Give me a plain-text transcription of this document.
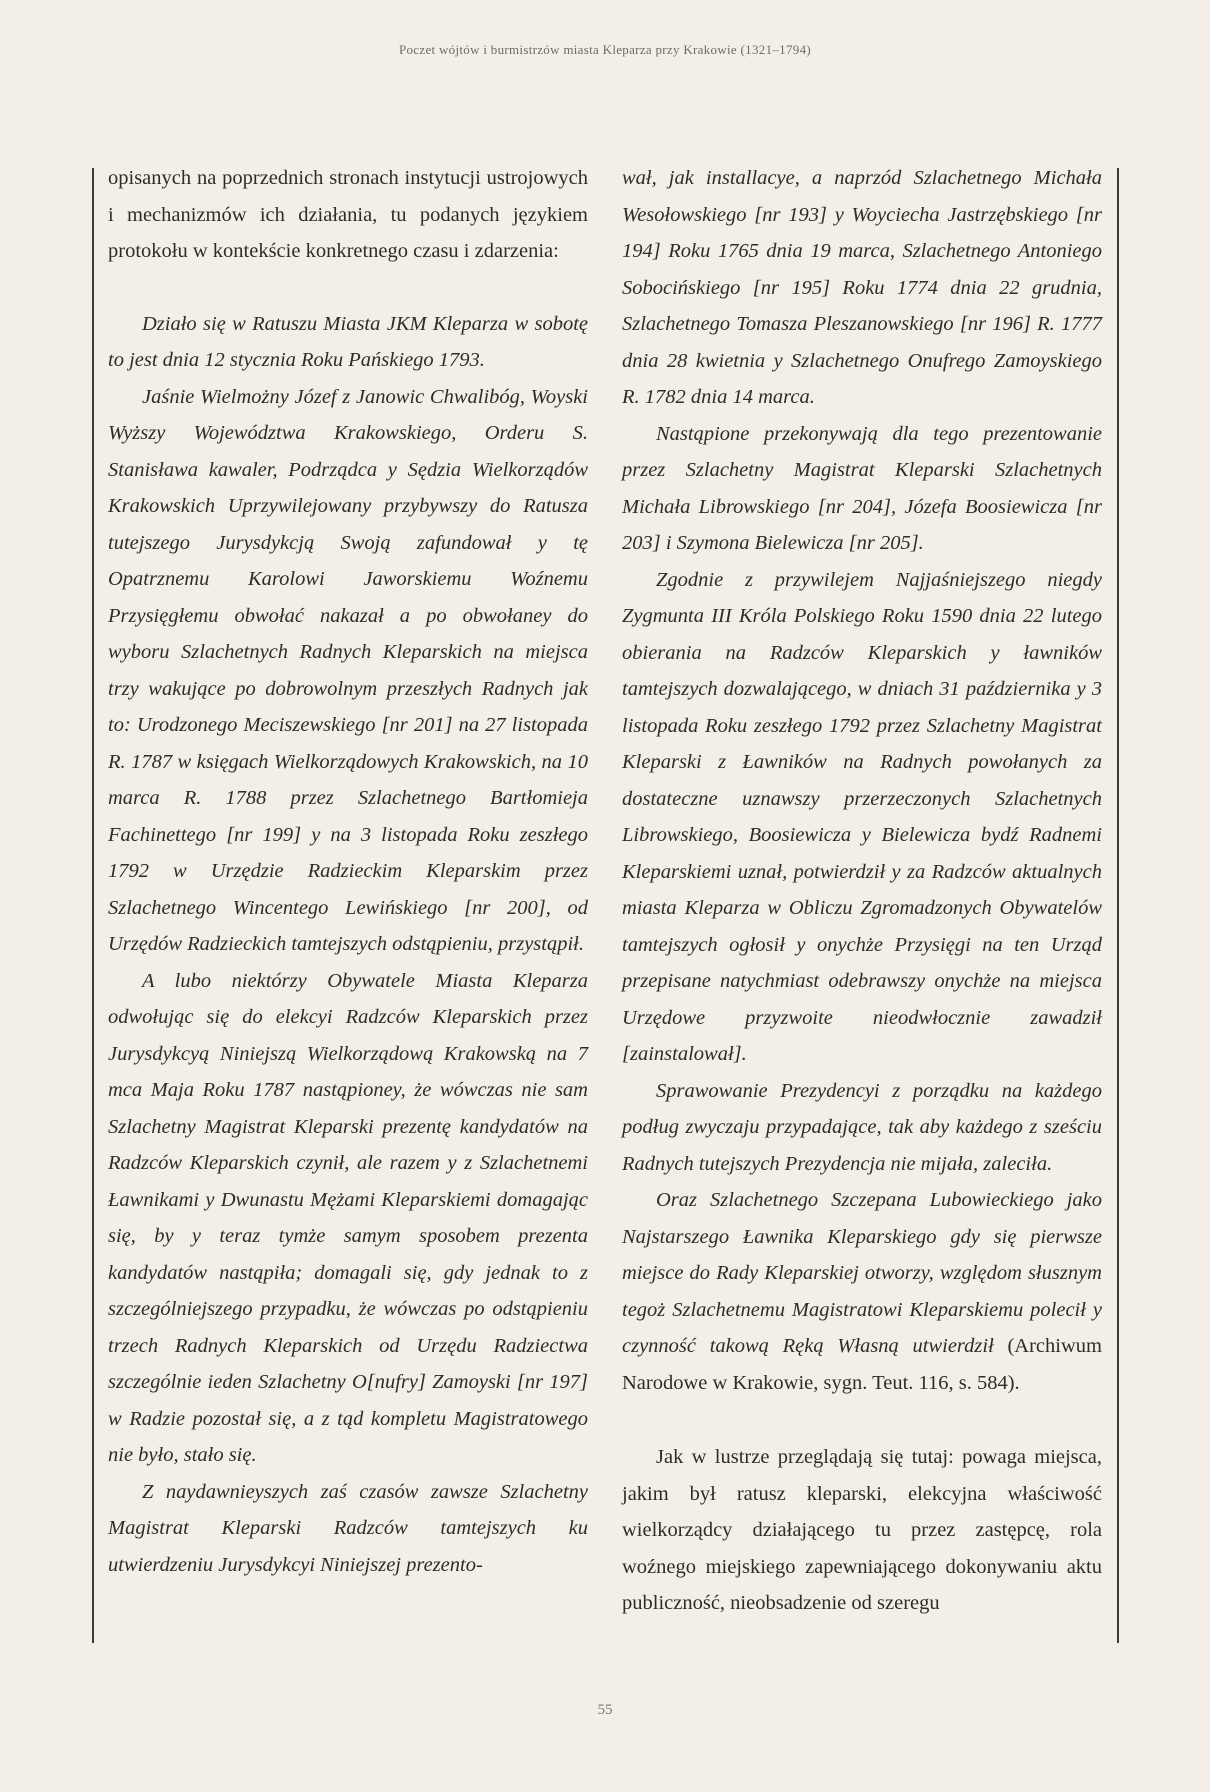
Poczet wójtów i burmistrzów miasta Kleparza przy Krakowie (1321–1794)

opisanych na poprzednich stronach instytucji ustrojowych i mechanizmów ich działania, tu podanych językiem protokołu w kontekście konkretnego czasu i zdarzenia:

Działo się w Ratuszu Miasta JKM Kleparza w sobotę to jest dnia 12 stycznia Roku Pańskiego 1793.

Jaśnie Wielmożny Józef z Janowic Chwalibóg, Woyski Wyższy Województwa Krakowskiego, Orderu S. Stanisława kawaler, Podrządca y Sędzia Wielkorządów Krakowskich Uprzywilejowany przybywszy do Ratusza tutejszego Jurysdykcją Swoją zafundował y tę Opatrznemu Karolowi Jaworskiemu Woźnemu Przysięgłemu obwołać nakazał a po obwołaney do wyboru Szlachetnych Radnych Kleparskich na miejsca trzy wakujące po dobrowolnym przeszłych Radnych jak to: Urodzonego Meciszewskiego [nr 201] na 27 listopada R. 1787 w księgach Wielkorządowych Krakowskich, na 10 marca R. 1788 przez Szlachetnego Bartłomieja Fachinettego [nr 199] y na 3 listopada Roku zeszłego 1792 w Urzędzie Radzieckim Kleparskim przez Szlachetnego Wincentego Lewińskiego [nr 200], od Urzędów Radzieckich tamtejszych odstąpieniu, przystąpił.

A lubo niektórzy Obywatele Miasta Kleparza odwołując się do elekcyi Radzców Kleparskich przez Jurysdykcyą Niniejszą Wielkorządową Krakowską na 7 mca Maja Roku 1787 nastąpioney, że wówczas nie sam Szlachetny Magistrat Kleparski prezentę kandydatów na Radzców Kleparskich czynił, ale razem y z Szlachetnemi Ławnikami y Dwunastu Mężami Kleparskiemi domagając się, by y teraz tymże samym sposobem prezenta kandydatów nastąpiła; domagali się, gdy jednak to z szczególniejszego przypadku, że wówczas po odstąpieniu trzech Radnych Kleparskich od Urzędu Radziectwa szczególnie ieden Szlachetny O[nufry] Zamoyski [nr 197] w Radzie pozostał się, a z tąd kompletu Magistratowego nie było, stało się.

Z naydawnieyszych zaś czasów zawsze Szlachetny Magistrat Kleparski Radzców tamtejszych ku utwierdzeniu Jurysdykcyi Niniejszej prezento-

wał, jak installacye, a naprzód Szlachetnego Michała Wesołowskiego [nr 193] y Woyciecha Jastrzębskiego [nr 194] Roku 1765 dnia 19 marca, Szlachetnego Antoniego Sobocińskiego [nr 195] Roku 1774 dnia 22 grudnia, Szlachetnego Tomasza Pleszanowskiego [nr 196] R. 1777 dnia 28 kwietnia y Szlachetnego Onufrego Zamoyskiego R. 1782 dnia 14 marca.

Nastąpione przekonywają dla tego prezentowanie przez Szlachetny Magistrat Kleparski Szlachetnych Michała Librowskiego [nr 204], Józefa Boosiewicza [nr 203] i Szymona Bielewicza [nr 205].

Zgodnie z przywilejem Najjaśniejszego niegdy Zygmunta III Króla Polskiego Roku 1590 dnia 22 lutego obierania na Radzców Kleparskich y ławników tamtejszych dozwalającego, w dniach 31 października y 3 listopada Roku zeszłego 1792 przez Szlachetny Magistrat Kleparski z Ławników na Radnych powołanych za dostateczne uznawszy przerzeczonych Szlachetnych Librowskiego, Boosiewicza y Bielewicza bydź Radnemi Kleparskiemi uznał, potwierdził y za Radzców aktualnych miasta Kleparza w Obliczu Zgromadzonych Obywatelów tamtejszych ogłosił y onychże Przysięgi na ten Urząd przepisane natychmiast odebrawszy onychże na miejsca Urzędowe przyzwoite nieodwłocznie zawadził [zainstalował].

Sprawowanie Prezydencyi z porządku na każdego podług zwyczaju przypadające, tak aby każdego z sześciu Radnych tutejszych Prezydencja nie mijała, zaleciła.

Oraz Szlachetnego Szczepana Lubowieckiego jako Najstarszego Ławnika Kleparskiego gdy się pierwsze miejsce do Rady Kleparskiej otworzy, względom słusznym tegoż Szlachetnemu Magistratowi Kleparskiemu polecił y czynność takową Ręką Własną utwierdził (Archiwum Narodowe w Krakowie, sygn. Teut. 116, s. 584).

Jak w lustrze przeglądają się tutaj: powaga miejsca, jakim był ratusz kleparski, elekcyjna właściwość wielkorządcy działającego tu przez zastępcę, rola woźnego miejskiego zapewniającego dokonywaniu aktu publiczność, nieobsadzenie od szeregu

55
